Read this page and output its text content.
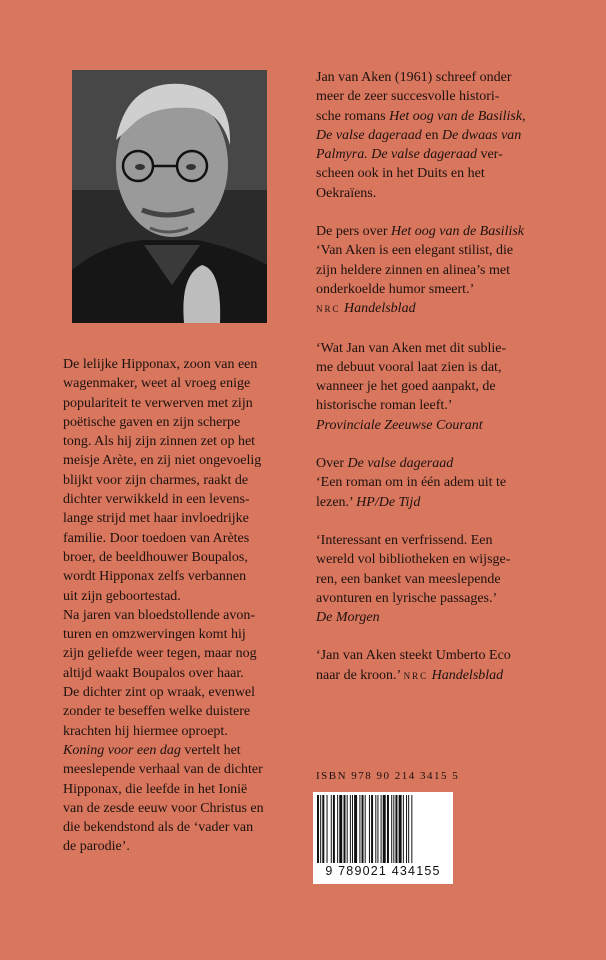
De lelijke Hipponax, zoon van een
wagenmaker, weet al vroeg enige
populariteit te verwerven met zijn
poëtische gaven en zijn scherpe
tong. Als hij zijn zinnen zet op het
meisje Arète, en zij niet ongevoelig
blijkt voor zijn charmes, raakt de
dichter verwikkeld in een levens-
lange strijd met haar invloedrijke
familie. Door toedoen van Arètes
broer, de beeldhouwer Boupalos,
wordt Hipponax zelfs verbannen
uit zijn geboortestad.
Na jaren van bloedstollende avon-
turen en omzwervingen komt hij
zijn geliefde weer tegen, maar nog
altijd waakt Boupalos over haar.
De dichter zint op wraak, evenwel
zonder te beseffen welke duistere
krachten hij hiermee oproept.
Koning voor een dag vertelt het
meeslepende verhaal van de dichter
Hipponax, die leefde in het Ionië
van de zesde eeuw voor Christus en
die bekendstond als de ‘vader van
de parodie’.
Jan van Aken (1961) schreef onder
meer de zeer succesvolle histori-
sche romans Het oog van de Basilisk,
De valse dageraad en De dwaas van
Palmyra. De valse dageraad ver-
scheen ook in het Duits en het
Oekraïens.
De pers over Het oog van de Basilisk
‘Van Aken is een elegant stilist, die
zijn heldere zinnen en alinea’s met
onderkoelde humor smeert.’
NRC Handelsblad
‘Wat Jan van Aken met dit sublie-
me debuut vooral laat zien is dat,
wanneer je het goed aanpakt, de
historische roman leeft.’
Provinciale Zeeuwse Courant
Over De valse dageraad
‘Een roman om in één adem uit te
lezen.’ HP/De Tijd
‘Interessant en verfrissend. Een
wereld vol bibliotheken en wijsge-
ren, een banket van meeslepende
avonturen en lyrische passages.’
De Morgen
‘Jan van Aken steekt Umberto Eco
naar de kroon.’ NRC Handelsblad
ISBN 978 90 214 3415 5
9 789021 434155
